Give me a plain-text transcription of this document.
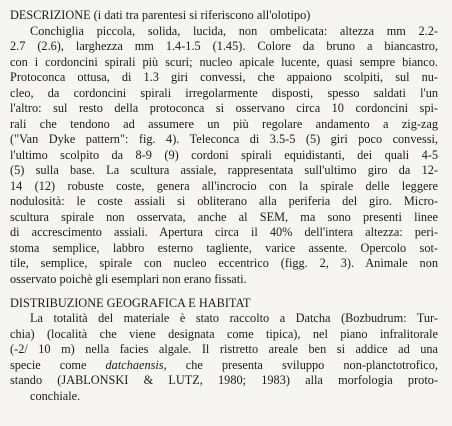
DESCRIZIONE (i dati tra parentesi si riferiscono all'olotipo)
Conchiglia piccola, solida, lucida, non ombelicata: altezza mm 2.2-
2.7 (2.6), larghezza mm 1.4-1.5 (1.45). Colore da bruno a biancastro,
con i cordoncini spirali più scuri; nucleo apicale lucente, quasi sempre bianco.
Protoconca ottusa, di 1.3 giri convessi, che appaiono scolpiti, sul nu-
cleo, da cordoncini spirali irregolarmente disposti, spesso saldati l'un
l'altro: sul resto della protoconca si osservano circa 10 cordoncini spi-
rali che tendono ad assumere un più regolare andamento a zig-zag
("Van Dyke pattern": fig. 4). Teleconca di 3.5-5 (5) giri poco convessi,
l'ultimo scolpito da 8-9 (9) cordoni spirali equidistanti, dei quali 4-5
(5) sulla base. La scultura assiale, rappresentata sull'ultimo giro da 12-
14 (12) robuste coste, genera all'incrocio con la spirale delle leggere
nodulosità: le coste assiali si obliterano alla periferia del giro. Micro-
scultura spirale non osservata, anche al SEM, ma sono presenti linee
di accrescimento assiali. Apertura circa il 40% dell'intera altezza: peri-
stoma semplice, labbro esterno tagliente, varice assente. Opercolo sot-
tile, semplice, spirale con nucleo eccentrico (figg. 2, 3). Animale non
osservato poichè gli esemplari non erano fissati.
DISTRIBUZIONE GEOGRAFICA E HABITAT
La totalità del materiale è stato raccolto a Datcha (Bozbudrum: Tur-
chia) (località che viene designata come tipica), nel piano infralitorale
(-2/ 10 m) nella facies algale. Il ristretto areale ben si addice ad una
specie come datchaensis, che presenta sviluppo non-planctotrofico,
stando (JABLONSKI & LUTZ, 1980; 1983) alla morfologia proto-
conchiale.
